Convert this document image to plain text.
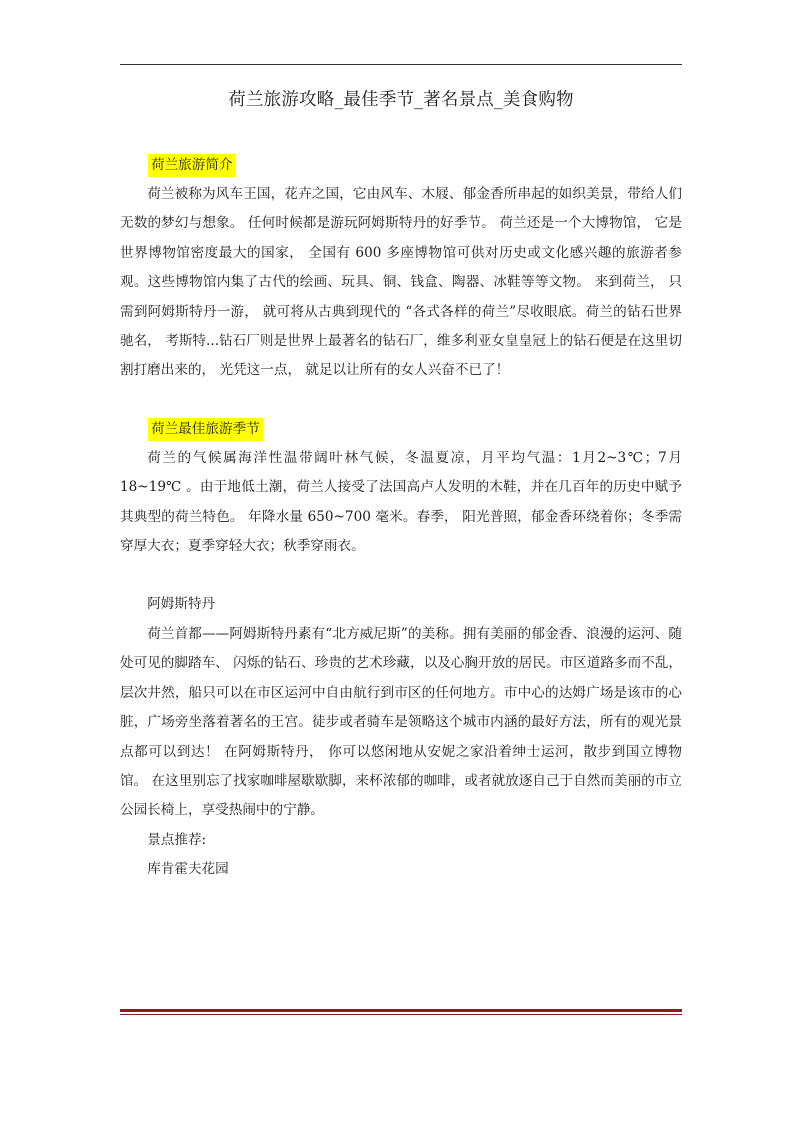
荷兰旅游攻略_最佳季节_著名景点_美食购物
荷兰旅游简介

荷兰被称为风车王国，花卉之国，它由风车、木屐、郁金香所串起的如织美景，带给人们无数的梦幻与想象。 任何时候都是游玩阿姆斯特丹的好季节。 荷兰还是一个大博物馆， 它是世界博物馆密度最大的国家， 全国有 600 多座博物馆可供对历史或文化感兴趣的旅游者参观。这些博物馆内集了古代的绘画、玩具、铜、钱盒、陶器、冰鞋等等文物。 来到荷兰， 只需到阿姆斯特丹一游， 就可将从古典到现代的 “各式各样的荷兰”尽收眼底。荷兰的钻石世界驰名， 考斯特...钻石厂则是世界上最著名的钻石厂，维多利亚女皇皇冠上的钻石便是在这里切割打磨出来的， 光凭这一点， 就足以让所有的女人兴奋不已了！

荷兰最佳旅游季节

荷兰的气候属海洋性温带阔叶林气候，冬温夏凉，月平均气温：1月2~3℃；7月18~19℃ 。由于地低土潮，荷兰人接受了法国高卢人发明的木鞋，并在几百年的历史中赋予其典型的荷兰特色。 年降水量 650~700 毫米。春季， 阳光普照，郁金香环绕着你；冬季需穿厚大衣；夏季穿轻大衣；秋季穿雨衣。

阿姆斯特丹

荷兰首都——阿姆斯特丹素有“北方威尼斯”的美称。拥有美丽的郁金香、浪漫的运河、随处可见的脚踏车、 闪烁的钻石、珍贵的艺术珍藏，以及心胸开放的居民。市区道路多而不乱，层次井然，船只可以在市区运河中自由航行到市区的任何地方。市中心的达姆广场是该市的心脏，广场旁坐落着著名的王宫。徒步或者骑车是领略这个城市内涵的最好方法，所有的观光景点都可以到达！ 在阿姆斯特丹， 你可以悠闲地从安妮之家沿着绅士运河，散步到国立博物馆。 在这里别忘了找家咖啡屋歇歇脚，来杯浓郁的咖啡，或者就放逐自己于自然而美丽的市立公园长椅上，享受热闹中的宁静。

景点推荐:

库肯霍夫花园
